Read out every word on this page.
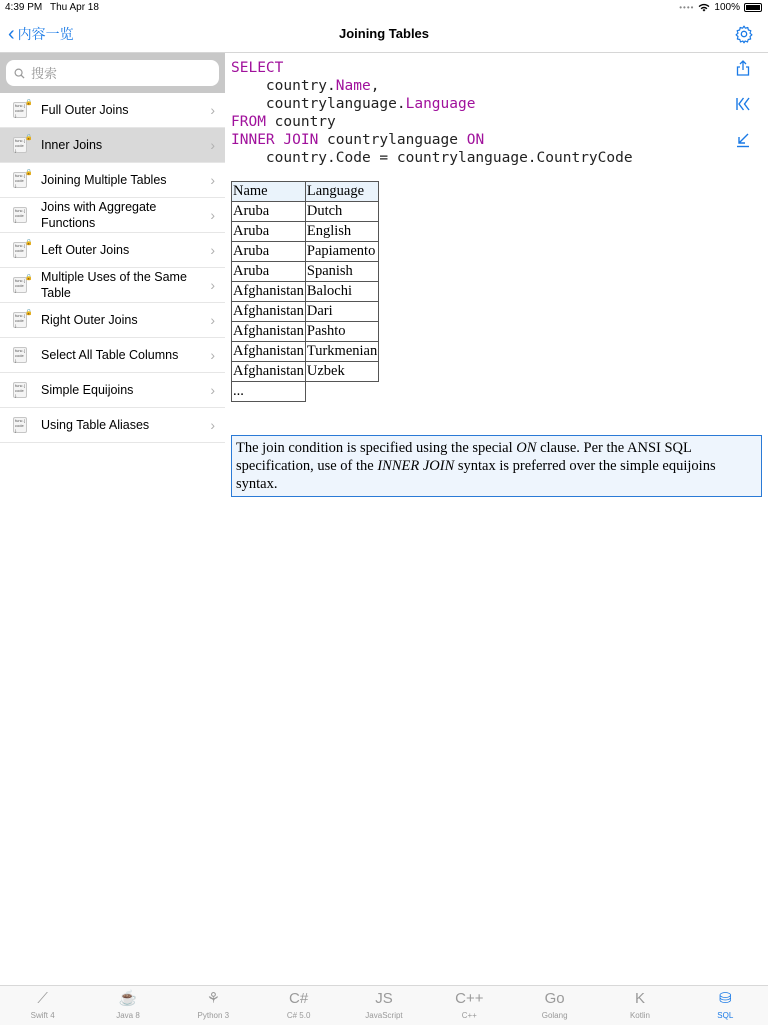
4:39 PM Thu Apr 18	•••• 100%
‹ 内容一览	Joining Tables
搜索
func {
code
}
🔒 Full Outer Joins	›
func {
code
}
🔒 Inner Joins	›
func {
code
}
🔒 Joining Multiple Tables	›
func {
code
}
Joins with Aggregate Functions	›
func {
code
}
🔒 Left Outer Joins	›
func {
code
}
🔒 Multiple Uses of the Same Table	›
func {
code
}
🔒 Right Outer Joins	›
func {
code
}	Select All Table Columns	›
func {
code
}	Simple Equijoins	›
func {
code
}	Using Table Aliases	›
SELECT
country.Name,
countrylanguage.Language
FROM country
INNER JOIN countrylanguage ON
country.Code = countrylanguage.CountryCode
Name	Language
Aruba	Dutch
Aruba	English
Aruba	Papiamento
Aruba	Spanish
Afghanistan	Balochi
Afghanistan	Dari
Afghanistan	Pashto
Afghanistan	Turkmenian
Afghanistan	Uzbek
...	
The join condition is specified using the special ON clause. Per the ANSI SQL specification, use of the INNER JOIN syntax is preferred over the simple equijoins syntax.
⟋
Swift 4
☕
Java 8
⚘
Python 3
C#
C# 5.0
JS
JavaScript
C++
C++
Go
Golang
K
Kotlin
⛁
SQL
